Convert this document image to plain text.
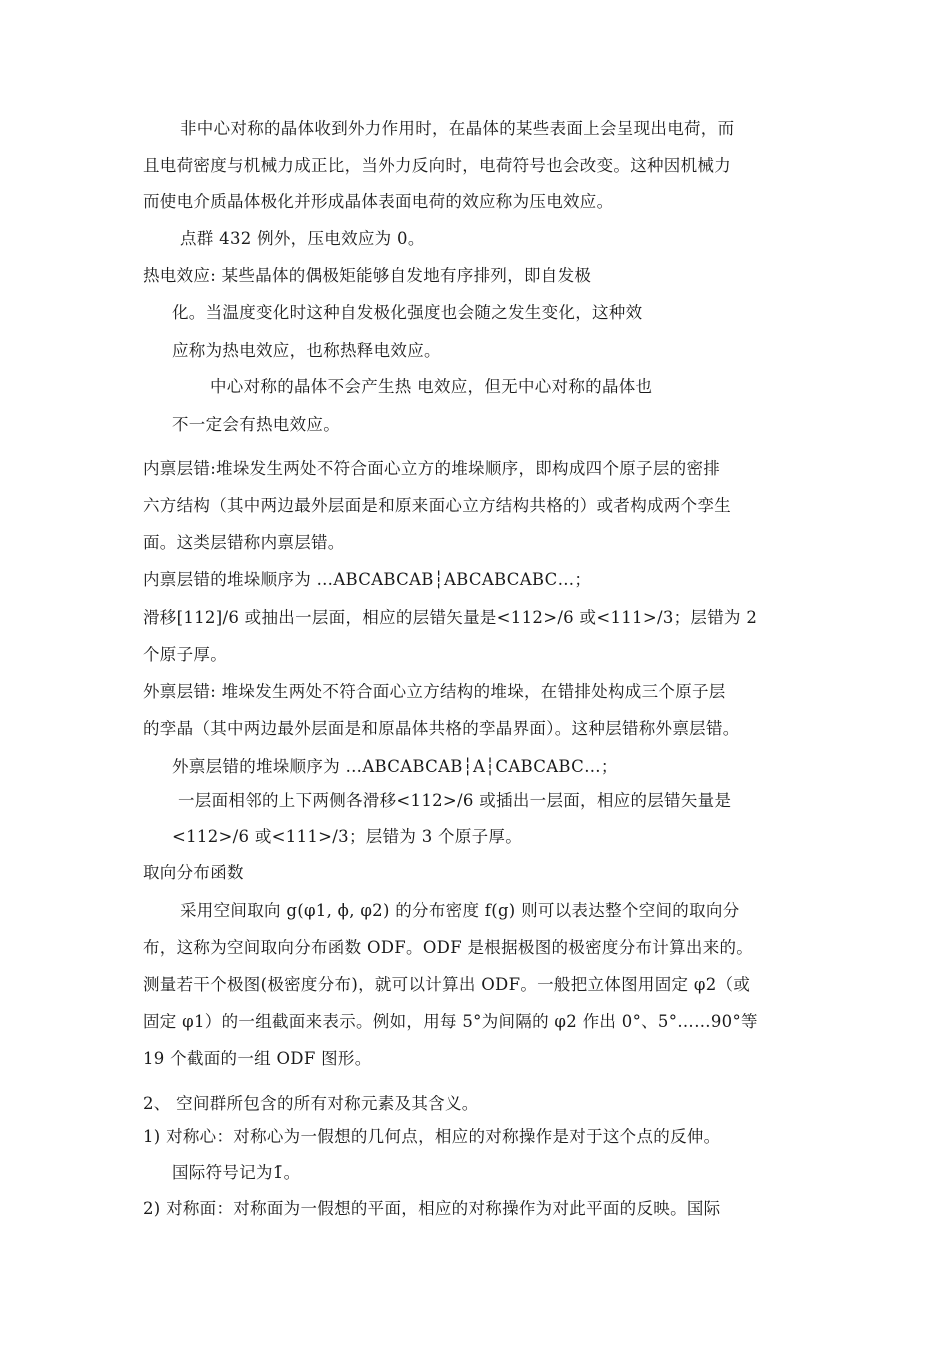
非中心对称的晶体收到外力作用时，在晶体的某些表面上会呈现出电荷，而
且电荷密度与机械力成正比，当外力反向时，电荷符号也会改变。这种因机械力
而使电介质晶体极化并形成晶体表面电荷的效应称为压电效应。
点群 432 例外，压电效应为 0。
热电效应: 某些晶体的偶极矩能够自发地有序排列，即自发极
化。当温度变化时这种自发极化强度也会随之发生变化，这种效
应称为热电效应，也称热释电效应。
中心对称的晶体不会产生热 电效应，但无中心对称的晶体也
不一定会有热电效应。
内禀层错:堆垛发生两处不符合面心立方的堆垛顺序，即构成四个原子层的密排
六方结构（其中两边最外层面是和原来面心立方结构共格的）或者构成两个孪生
面。这类层错称内禀层错。
内禀层错的堆垛顺序为 …ABCABCAB┆ABCABCABC…；
滑移[112]/6 或抽出一层面，相应的层错矢量是<112>/6 或<111>/3；层错为 2
个原子厚。
外禀层错: 堆垛发生两处不符合面心立方结构的堆垛，在错排处构成三个原子层
的孪晶（其中两边最外层面是和原晶体共格的孪晶界面）。这种层错称外禀层错。
外禀层错的堆垛顺序为 …ABCABCAB┆A┆CABCABC…；
一层面相邻的上下两侧各滑移<112>/6 或插出一层面，相应的层错矢量是
<112>/6 或<111>/3；层错为 3 个原子厚。
取向分布函数
采用空间取向 g(φ1, ϕ, φ2) 的分布密度 f(g) 则可以表达整个空间的取向分
布，这称为空间取向分布函数 ODF。ODF 是根据极图的极密度分布计算出来的。
测量若干个极图(极密度分布)，就可以计算出 ODF。一般把立体图用固定 φ2（或
固定 φ1）的一组截面来表示。例如，用每 5°为间隔的 φ2 作出 0°、5°……90°等
19 个截面的一组 ODF 图形。
2、 空间群所包含的所有对称元素及其含义。
1) 对称心：对称心为一假想的几何点，相应的对称操作是对于这个点的反伸。
国际符号记为1̄。
2) 对称面：对称面为一假想的平面，相应的对称操作为对此平面的反映。国际
